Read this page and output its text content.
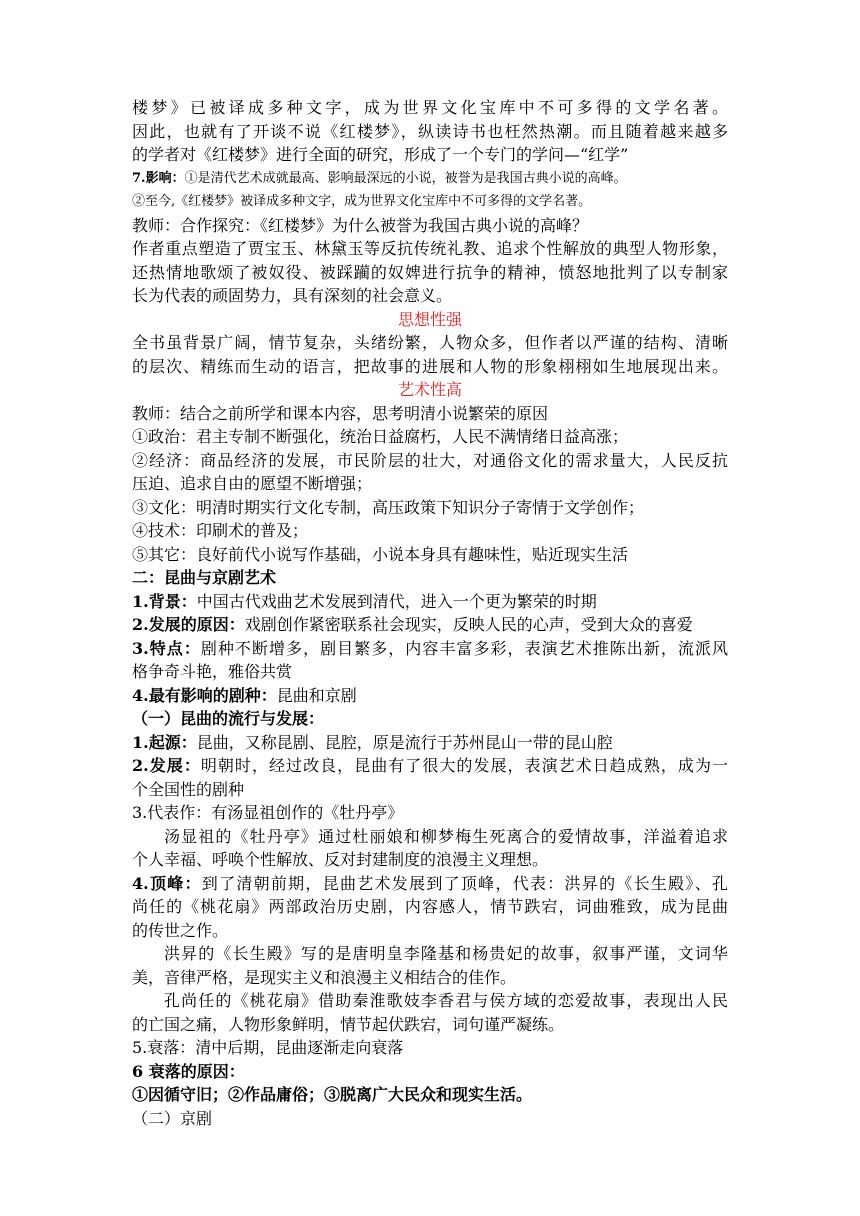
楼梦》已被译成多种文字，成为世界文化宝库中不可多得的文学名著。
因此，也就有了开谈不说《红楼梦》，纵读诗书也枉然热潮。而且随着越来越多
的学者对《红楼梦》进行全面的研究，形成了一个专门的学问—“红学”
7.影响：①是清代艺术成就最高、影响最深远的小说，被誉为是我国古典小说的高峰。
②至今,《红楼梦》被译成多种文字，成为世界文化宝库中不可多得的文学名著。
教师：合作探究：《红楼梦》为什么被誉为我国古典小说的高峰？
作者重点塑造了贾宝玉、林黛玉等反抗传统礼教、追求个性解放的典型人物形象，
还热情地歌颂了被奴役、被踩躏的奴婢进行抗争的精神，愤怒地批判了以专制家
长为代表的顽固势力，具有深刻的社会意义。
思想性强
全书虽背景广阔，情节复杂，头绪纷繁，人物众多，但作者以严谨的结构、清晰
的层次、精练而生动的语言，把故事的进展和人物的形象栩栩如生地展现出来。
艺术性高
教师：结合之前所学和课本内容，思考明清小说繁荣的原因
①政治：君主专制不断强化，统治日益腐朽，人民不满情绪日益高涨；
②经济：商品经济的发展，市民阶层的壮大，对通俗文化的需求量大，人民反抗
压迫、追求自由的愿望不断增强；
③文化：明清时期实行文化专制，高压政策下知识分子寄情于文学创作；
④技术：印刷术的普及；
⑤其它：良好前代小说写作基础，小说本身具有趣味性，贴近现实生活
二：昆曲与京剧艺术
1.背景：中国古代戏曲艺术发展到清代，进入一个更为繁荣的时期
2.发展的原因：戏剧创作紧密联系社会现实，反映人民的心声，受到大众的喜爱
3.特点：剧种不断增多，剧目繁多，内容丰富多彩，表演艺术推陈出新，流派风
格争奇斗艳，雅俗共赏
4.最有影响的剧种：昆曲和京剧
（一）昆曲的流行与发展：
1.起源：昆曲，又称昆剧、昆腔，原是流行于苏州昆山一带的昆山腔
2.发展：明朝时，经过改良，昆曲有了很大的发展，表演艺术日趋成熟，成为一
个全国性的剧种
3.代表作：有汤显祖创作的《牡丹亭》
汤显祖的《牡丹亭》通过杜丽娘和柳梦梅生死离合的爱情故事，洋溢着追求
个人幸福、呼唤个性解放、反对封建制度的浪漫主义理想。
4.顶峰：到了清朝前期，昆曲艺术发展到了顶峰，代表：洪昇的《长生殿》、孔
尚任的《桃花扇》两部政治历史剧，内容感人，情节跌宕，词曲雅致，成为昆曲
的传世之作。
洪昇的《长生殿》写的是唐明皇李隆基和杨贵妃的故事，叙事严谨，文词华
美，音律严格，是现实主义和浪漫主义相结合的佳作。
孔尚任的《桃花扇》借助秦淮歌妓李香君与侯方域的恋爱故事，表现出人民
的亡国之痛，人物形象鲜明，情节起伏跌宕，词句谨严凝练。
5.衰落：清中后期，昆曲逐渐走向衰落
6 衰落的原因：
①因循守旧；②作品庸俗；③脱离广大民众和现实生活。
（二）京剧
